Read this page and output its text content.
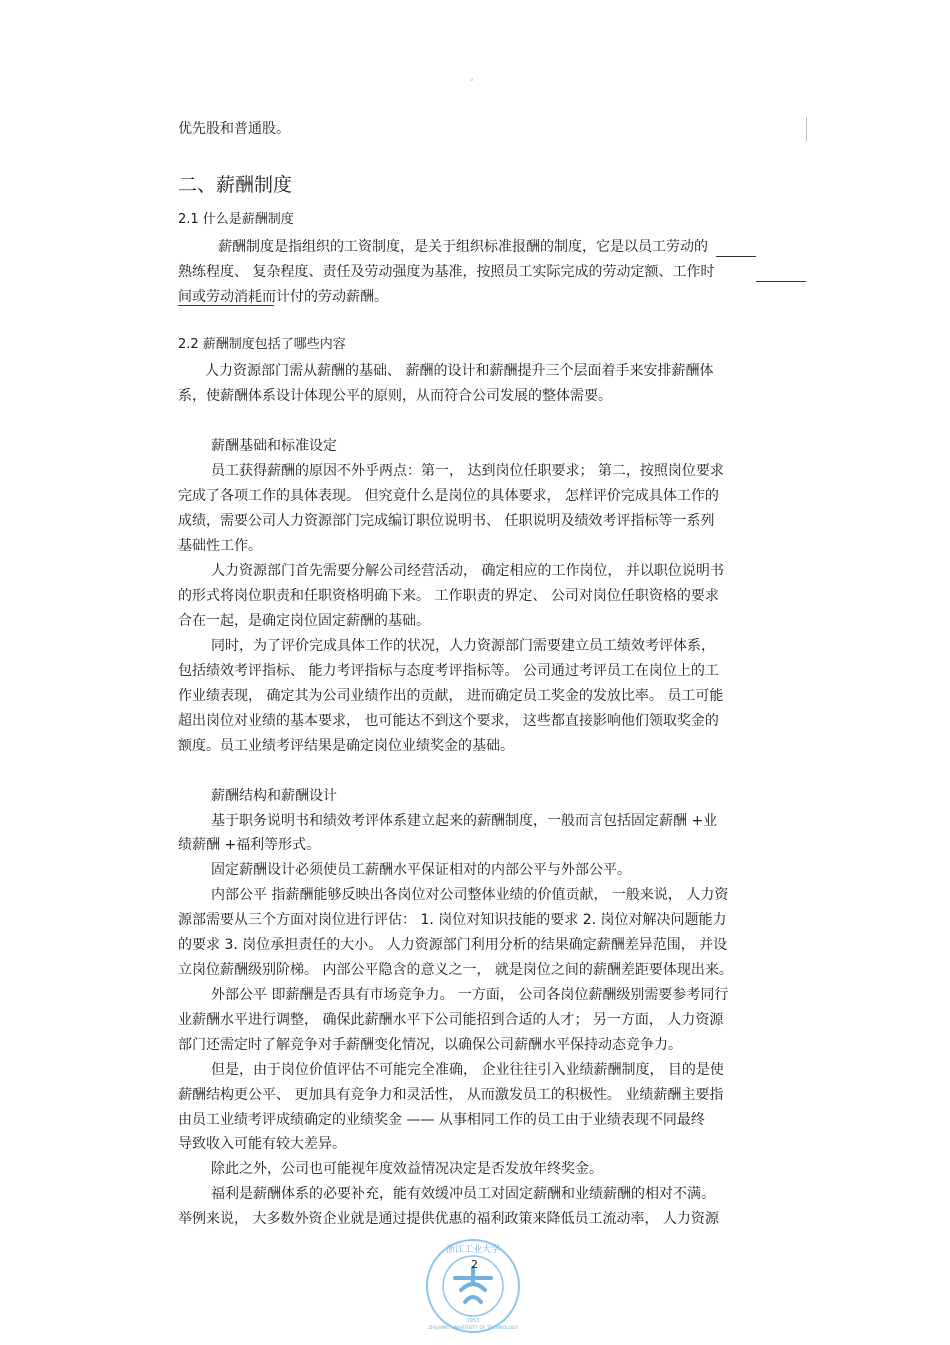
。
优先股和普通股。
二、薪酬制度
2.1 什么是薪酬制度
薪酬制度是指组织的工资制度，是关于组织标准报酬的制度，它是以员工劳动的
熟练程度、 复杂程度、责任及劳动强度为基准，按照员工实际完成的劳动定额、工作时
间或劳动消耗而计付的劳动薪酬。
2.2 薪酬制度包括了哪些内容
人力资源部门需从薪酬的基础、 薪酬的设计和薪酬提升三个层面着手来安排薪酬体
系，使薪酬体系设计体现公平的原则，从而符合公司发展的整体需要。
薪酬基础和标准设定
员工获得薪酬的原因不外乎两点：第一， 达到岗位任职要求； 第二，按照岗位要求
完成了各项工作的具体表现。 但究竟什么是岗位的具体要求， 怎样评价完成具体工作的
成绩，需要公司人力资源部门完成编订职位说明书、 任职说明及绩效考评指标等一系列
基础性工作。
人力资源部门首先需要分解公司经营活动， 确定相应的工作岗位， 并以职位说明书
的形式将岗位职责和任职资格明确下来。 工作职责的界定、 公司对岗位任职资格的要求
合在一起，是确定岗位固定薪酬的基础。
同时，为了评价完成具体工作的状况，人力资源部门需要建立员工绩效考评体系，
包括绩效考评指标、 能力考评指标与态度考评指标等。 公司通过考评员工在岗位上的工
作业绩表现， 确定其为公司业绩作出的贡献， 进而确定员工奖金的发放比率。 员工可能
超出岗位对业绩的基本要求， 也可能达不到这个要求， 这些都直接影响他们领取奖金的
额度。员工业绩考评结果是确定岗位业绩奖金的基础。
薪酬结构和薪酬设计
基于职务说明书和绩效考评体系建立起来的薪酬制度，一般而言包括固定薪酬 +业
绩薪酬 +福利等形式。
固定薪酬设计必须使员工薪酬水平保证相对的内部公平与外部公平。
内部公平 指薪酬能够反映出各岗位对公司整体业绩的价值贡献， 一般来说， 人力资
源部需要从三个方面对岗位进行评估： 1. 岗位对知识技能的要求 2. 岗位对解决问题能力
的要求 3. 岗位承担责任的大小。 人力资源部门利用分析的结果确定薪酬差异范围， 并设
立岗位薪酬级别阶梯。 内部公平隐含的意义之一， 就是岗位之间的薪酬差距要体现出来。
外部公平 即薪酬是否具有市场竞争力。 一方面， 公司各岗位薪酬级别需要参考同行
业薪酬水平进行调整， 确保此薪酬水平下公司能招到合适的人才； 另一方面， 人力资源
部门还需定时了解竞争对手薪酬变化情况，以确保公司薪酬水平保持动态竞争力。
但是，由于岗位价值评估不可能完全准确， 企业往往引入业绩薪酬制度， 目的是使
薪酬结构更公平、 更加具有竞争力和灵活性， 从而激发员工的积极性。 业绩薪酬主要指
由员工业绩考评成绩确定的业绩奖金 —— 从事相同工作的员工由于业绩表现不同最终
导致收入可能有较大差异。
除此之外，公司也可能视年度效益情况决定是否发放年终奖金。
福利是薪酬体系的必要补充，能有效缓冲员工对固定薪酬和业绩薪酬的相对不满。
举例来说， 大多数外资企业就是通过提供优惠的福利政策来降低员工流动率， 人力资源
浙江工业大学
ZHEJIANG UNIVERSITY OF TECHNOLOGY
1953
2
